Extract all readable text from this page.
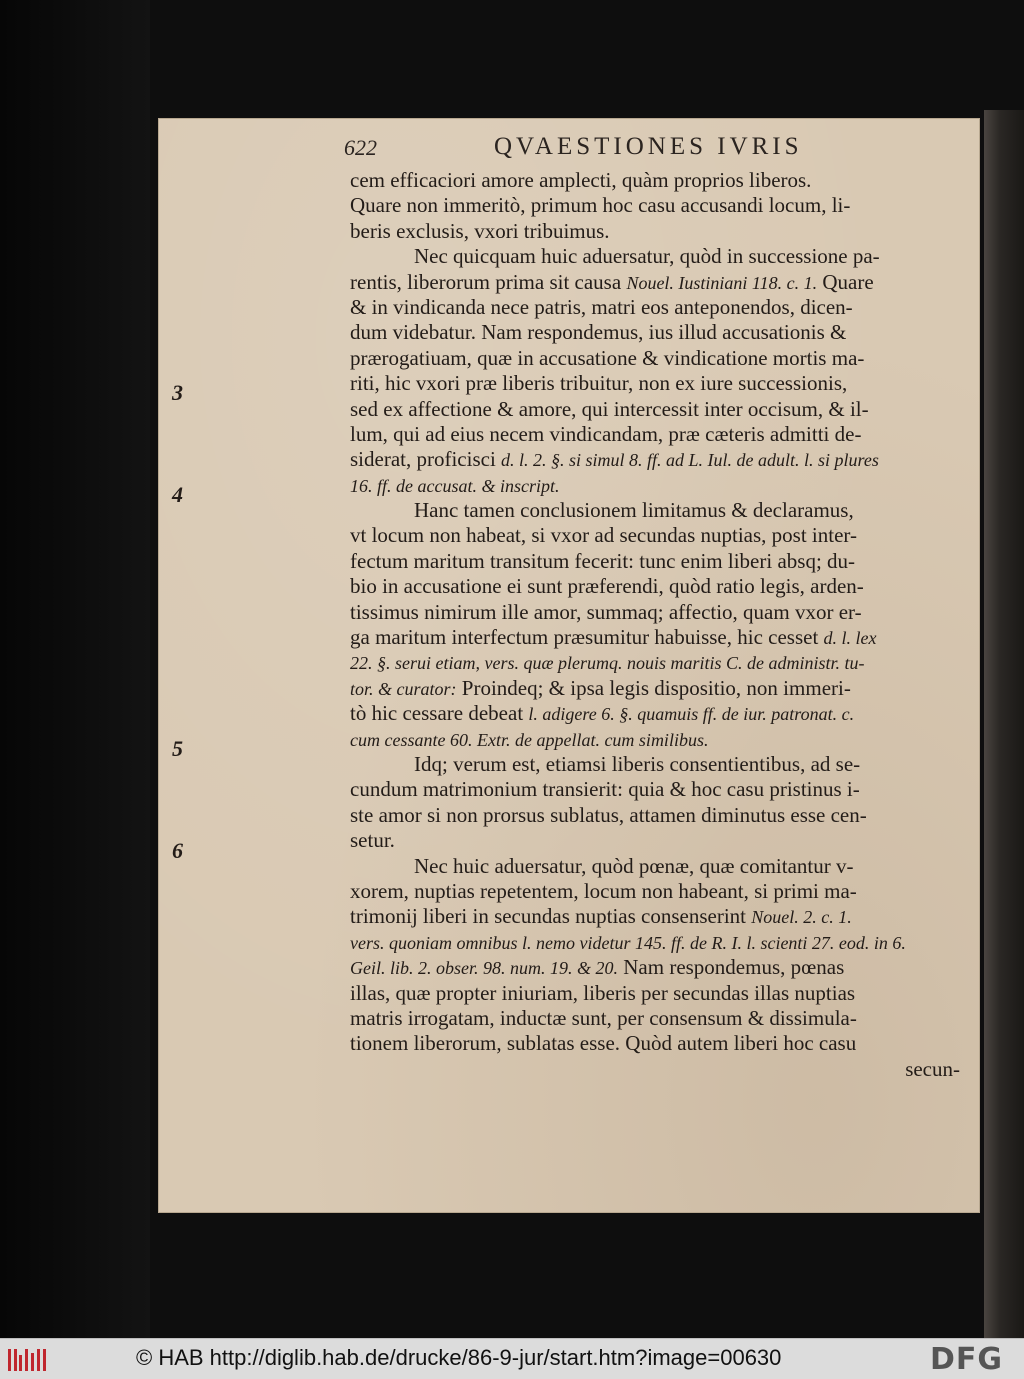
622	QVAESTIONES IVRIS
cem efficaciori amore amplecti, quàm proprios liberos.
Quare non immeritò, primum hoc casu accusandi locum, li-
beris exclusis, vxori tribuimus.
Nec quicquam huic aduersatur, quòd in successione pa-
rentis, liberorum prima sit causa Nouel. Iustiniani 118. c. 1. Quare
& in vindicanda nece patris, matri eos anteponendos, dicen-
dum videbatur. Nam respondemus, ius illud accusationis &
prærogatiuam, quæ in accusatione & vindicatione mortis ma-
riti, hic vxori præ liberis tribuitur, non ex iure successionis,
sed ex affectione & amore, qui intercessit inter occisum, & il-
lum, qui ad eius necem vindicandam, præ cæteris admitti de-
siderat, proficisci d. l. 2. §. si simul 8. ff. ad L. Iul. de adult. l. si plures
16. ff. de accusat. & inscript.
Hanc tamen conclusionem limitamus & declaramus,
vt locum non habeat, si vxor ad secundas nuptias, post inter-
fectum maritum transitum fecerit: tunc enim liberi absq; du-
bio in accusatione ei sunt præferendi, quòd ratio legis, arden-
tissimus nimirum ille amor, summaq; affectio, quam vxor er-
ga maritum interfectum præsumitur habuisse, hic cesset d. l. lex
22. §. serui etiam, vers. quæ plerumq. nouis maritis C. de administr. tu-
tor. & curator: Proindeq; & ipsa legis dispositio, non immeri-
tò hic cessare debeat l. adigere 6. §. quamuis ff. de iur. patronat. c.
cum cessante 60. Extr. de appellat. cum similibus.
Idq; verum est, etiamsi liberis consentientibus, ad se-
cundum matrimonium transierit: quia & hoc casu pristinus i-
ste amor si non prorsus sublatus, attamen diminutus esse cen-
setur.
Nec huic aduersatur, quòd pœnæ, quæ comitantur v-
xorem, nuptias repetentem, locum non habeant, si primi ma-
trimonij liberi in secundas nuptias consenserint Nouel. 2. c. 1.
vers. quoniam omnibus l. nemo videtur 145. ff. de R. I. l. scienti 27. eod. in 6.
Geil. lib. 2. obser. 98. num. 19. & 20. Nam respondemus, pœnas
illas, quæ propter iniuriam, liberis per secundas illas nuptias
matris irrogatam, inductæ sunt, per consensum & dissimula-
tionem liberorum, sublatas esse. Quòd autem liberi hoc casu
secun-
3
4
5
6
© HAB http://diglib.hab.de/drucke/86-9-jur/start.htm?image=00630	DFG
